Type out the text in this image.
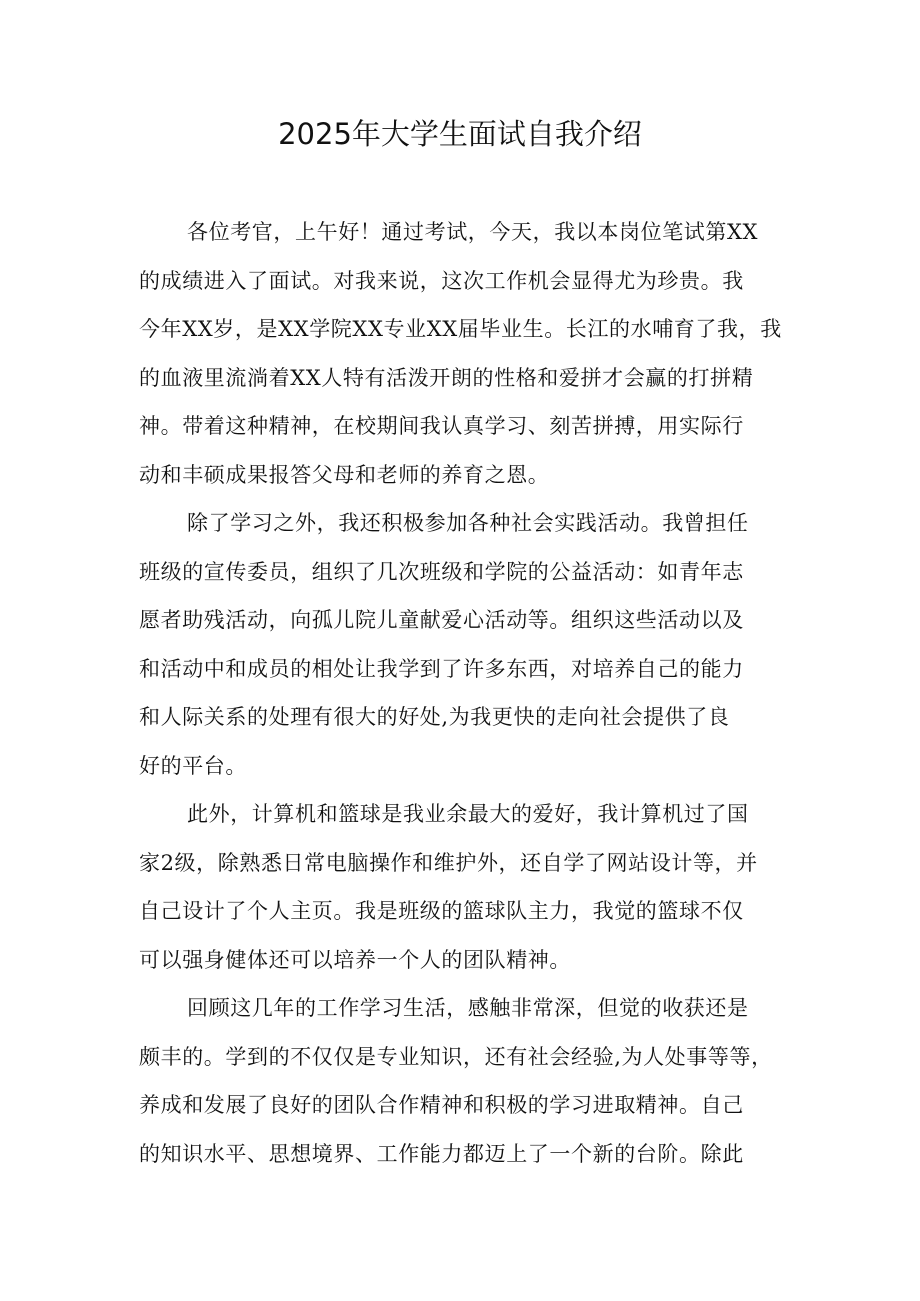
2025年大学生面试自我介绍

各位考官，上午好！通过考试，今天，我以本岗位笔试第XX
的成绩进入了面试。对我来说，这次工作机会显得尤为珍贵。我
今年XX岁，是XX学院XX专业XX届毕业生。长江的水哺育了我，我
的血液里流淌着XX人特有活泼开朗的性格和爱拼才会赢的打拼精
神。带着这种精神，在校期间我认真学习、刻苦拼搏，用实际行
动和丰硕成果报答父母和老师的养育之恩。

除了学习之外，我还积极参加各种社会实践活动。我曾担任
班级的宣传委员，组织了几次班级和学院的公益活动：如青年志
愿者助残活动，向孤儿院儿童献爱心活动等。组织这些活动以及
和活动中和成员的相处让我学到了许多东西，对培养自己的能力
和人际关系的处理有很大的好处,为我更快的走向社会提供了良
好的平台。

此外，计算机和篮球是我业余最大的爱好，我计算机过了国
家2级，除熟悉日常电脑操作和维护外，还自学了网站设计等，并
自己设计了个人主页。我是班级的篮球队主力，我觉的篮球不仅
可以强身健体还可以培养一个人的团队精神。

回顾这几年的工作学习生活，感触非常深，但觉的收获还是
颇丰的。学到的不仅仅是专业知识，还有社会经验,为人处事等等，
养成和发展了良好的团队合作精神和积极的学习进取精神。自己
的知识水平、思想境界、工作能力都迈上了一个新的台阶。除此
